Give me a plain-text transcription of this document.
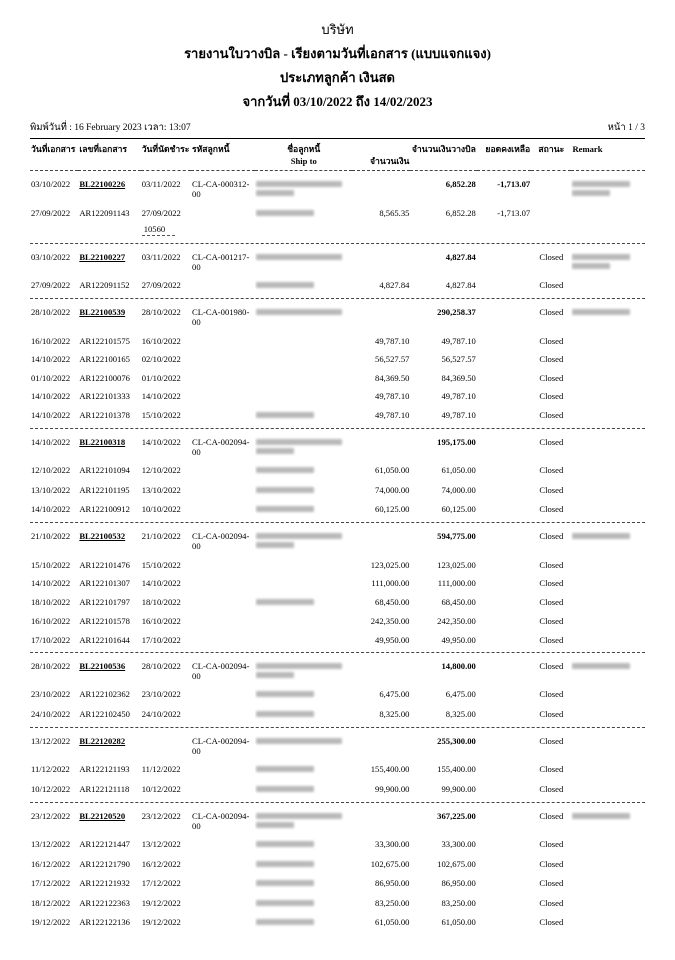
บริษัท
รายงานใบวางบิล - เรียงตามวันที่เอกสาร (แบบแจกแจง)
ประเภทลูกค้า เงินสด
จากวันที่ 03/10/2022 ถึง 14/02/2023
พิมพ์วันที่ : 16 February 2023 เวลา: 13:07	หน้า 1 / 3
วันที่เอกสาร	เลขที่เอกสาร	วันที่นัดชำระ	รหัสลูกหนี้	ชื่อลูกหนี้
Ship to	จำนวนเงิน	จำนวนเงินวางบิล	ยอดคงเหลือ	สถานะ	Remark

03/10/2022	BL22100226	03/11/2022	CL-CA-000312-00			6,852.28	-1,713.07		

27/09/2022	AR122091143	27/09/2022			8,565.35	6,852.28	-1,713.07		
		10560							

03/10/2022	BL22100227	03/11/2022	CL-CA-001217-00			4,827.84		Closed	

27/09/2022	AR122091152	27/09/2022			4,827.84	4,827.84		Closed	

28/10/2022	BL22100539	28/10/2022	CL-CA-001980-00			290,258.37		Closed	

16/10/2022	AR122101575	16/10/2022			49,787.10	49,787.10		Closed	
14/10/2022	AR122100165	02/10/2022			56,527.57	56,527.57		Closed	
01/10/2022	AR122100076	01/10/2022			84,369.50	84,369.50		Closed	
14/10/2022	AR122101333	14/10/2022			49,787.10	49,787.10		Closed	
14/10/2022	AR122101378	15/10/2022			49,787.10	49,787.10		Closed	

14/10/2022	BL22100318	14/10/2022	CL-CA-002094-00			195,175.00		Closed	
12/10/2022	AR122101094	12/10/2022			61,050.00	61,050.00		Closed	
13/10/2022	AR122101195	13/10/2022			74,000.00	74,000.00		Closed	
14/10/2022	AR122100912	10/10/2022			60,125.00	60,125.00		Closed	

21/10/2022	BL22100532	21/10/2022	CL-CA-002094-00			594,775.00		Closed	

15/10/2022	AR122101476	15/10/2022			123,025.00	123,025.00		Closed	
14/10/2022	AR122101307	14/10/2022			111,000.00	111,000.00		Closed	
18/10/2022	AR122101797	18/10/2022			68,450.00	68,450.00		Closed	
16/10/2022	AR122101578	16/10/2022			242,350.00	242,350.00		Closed	
17/10/2022	AR122101644	17/10/2022			49,950.00	49,950.00		Closed	

28/10/2022	BL22100536	28/10/2022	CL-CA-002094-00			14,800.00		Closed	

23/10/2022	AR122102362	23/10/2022			6,475.00	6,475.00		Closed	
24/10/2022	AR122102450	24/10/2022			8,325.00	8,325.00		Closed	

13/12/2022	BL22120282		CL-CA-002094-00			255,300.00		Closed	
11/12/2022	AR122121193	11/12/2022			155,400.00	155,400.00		Closed	
10/12/2022	AR122121118	10/12/2022			99,900.00	99,900.00		Closed	

23/12/2022	BL22120520	23/12/2022	CL-CA-002094-00			367,225.00		Closed	

13/12/2022	AR122121447	13/12/2022			33,300.00	33,300.00		Closed	
16/12/2022	AR122121790	16/12/2022			102,675.00	102,675.00		Closed	
17/12/2022	AR122121932	17/12/2022			86,950.00	86,950.00		Closed	
18/12/2022	AR122122363	19/12/2022			83,250.00	83,250.00		Closed	
19/12/2022	AR122122136	19/12/2022			61,050.00	61,050.00		Closed	
